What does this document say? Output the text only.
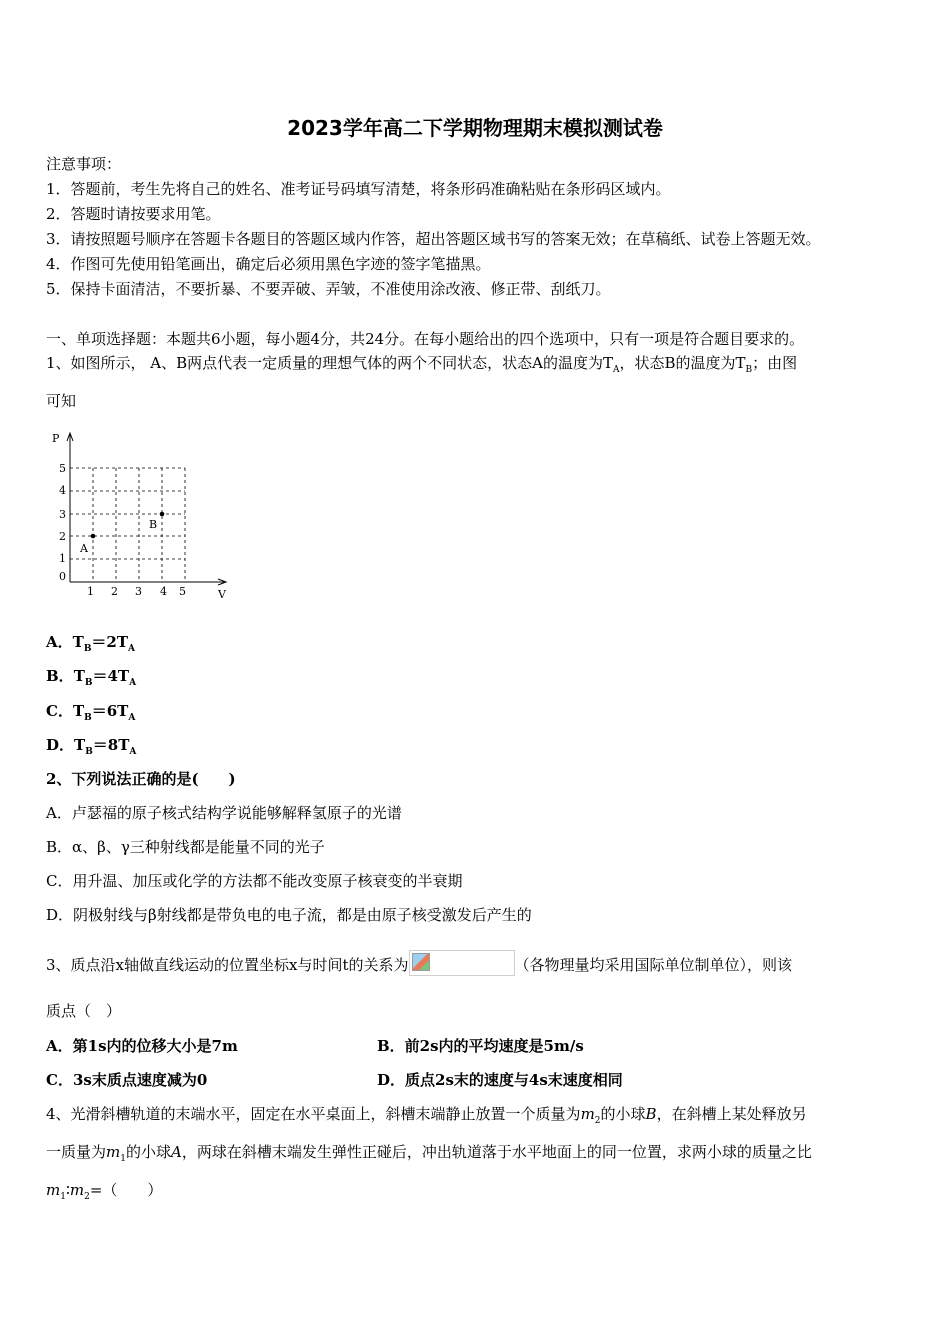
2023学年高二下学期物理期末模拟测试卷
注意事项：
1．答题前，考生先将自己的姓名、准考证号码填写清楚，将条形码准确粘贴在条形码区域内。
2．答题时请按要求用笔。
3．请按照题号顺序在答题卡各题目的答题区域内作答，超出答题区域书写的答案无效；在草稿纸、试卷上答题无效。
4．作图可先使用铅笔画出，确定后必须用黑色字迹的签字笔描黑。
5．保持卡面清洁，不要折暴、不要弄破、弄皱，不准使用涂改液、修正带、刮纸刀。
一、单项选择题：本题共6小题，每小题4分，共24分。在每小题给出的四个选项中，只有一项是符合题目要求的。
1、如图所示， A、B两点代表一定质量的理想气体的两个不同状态，状态A的温度为$T_A$，状态B的温度为$T_B$；由图
可知
P
V
5
4
3
2
1
0
1 2 3 4 5
A
B
A．$T_B=2T_A$
B．$T_B=4T_A$
C．$T_B=6T_A$
D．$T_B=8T_A$
2、下列说法正确的是(　　)
A．卢瑟福的原子核式结构学说能够解释氢原子的光谱
B．α、β、γ三种射线都是能量不同的光子
C．用升温、加压或化学的方法都不能改变原子核衰变的半衰期
D．阴极射线与β射线都是带负电的电子流，都是由原子核受激发后产生的
3、质点沿x轴做直线运动的位置坐标x与时间t的关系为	（各物理量均采用国际单位制单位），则该
质点（　）
A．第1s内的位移大小是7m	B．前2s内的平均速度是5m/s
C．3s末质点速度减为0	D．质点2s末的速度与4s末速度相同
4、光滑斜槽轨道的末端水平，固定在水平桌面上，斜槽末端静止放置一个质量为$m_2$的小球B，在斜槽上某处释放另
一质量为$m_1$的小球A，两球在斜槽末端发生弹性正碰后，冲出轨道落于水平地面上的同一位置，求两小球的质量之比
$m_1∶m_2=$（　　）
